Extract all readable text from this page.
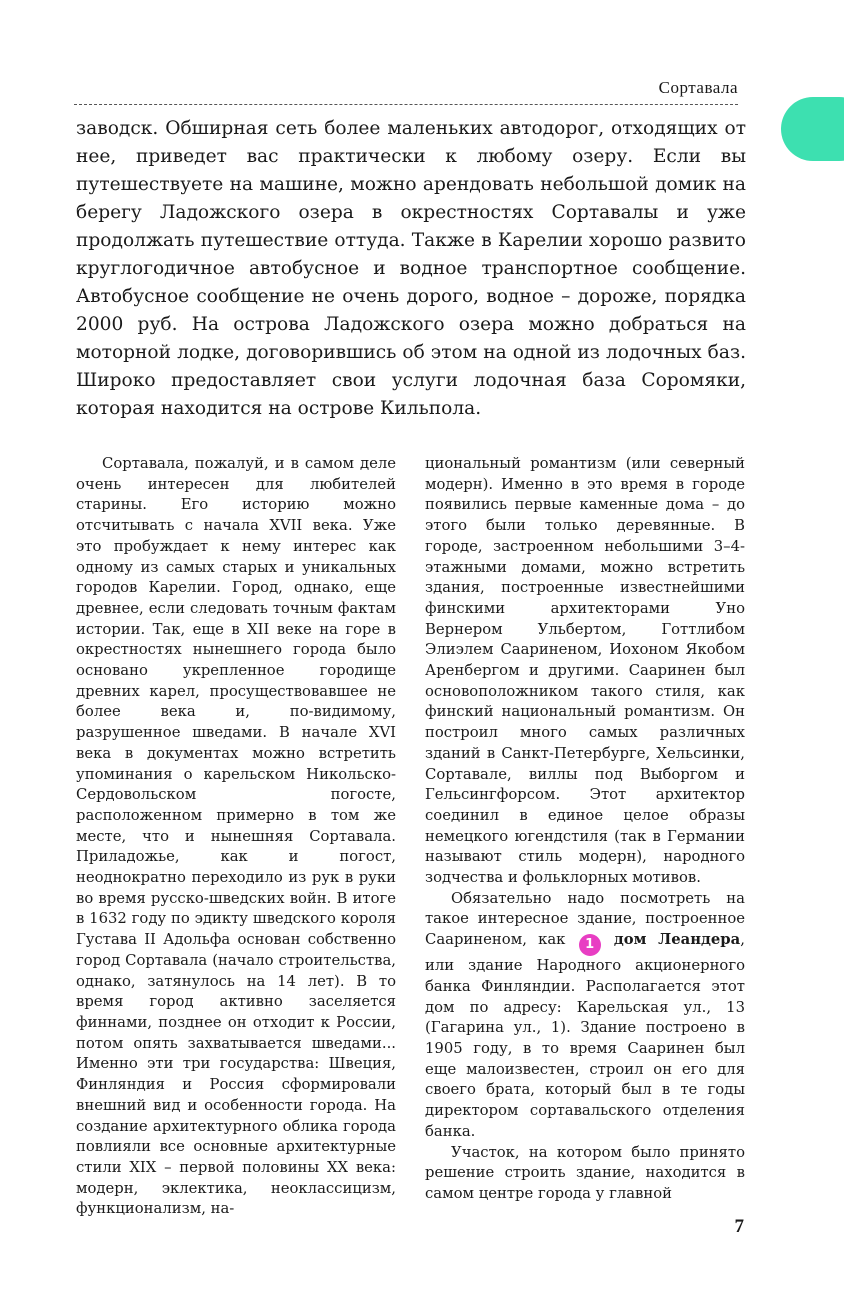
Сортавала

заводск. Обширная сеть более маленьких автодорог, отходящих от нее, приведет вас практически к любому озеру. Если вы путешествуете на машине, можно арендовать небольшой домик на берегу Ладожского озера в окрестностях Сортавалы и уже продолжать путешествие оттуда. Также в Карелии хорошо развито круглогодичное автобусное и водное транспортное сообщение. Автобусное сообщение не очень дорого, водное – дороже, порядка 2000 руб. На острова Ладожского озера можно добраться на моторной лодке, договорившись об этом на одной из лодочных баз. Широко предоставляет свои услуги лодочная база Соромяки, которая находится на острове Кильпола.

Сортавала, пожалуй, и в самом деле очень интересен для любителей старины. Его историю можно отсчитывать с начала XVII века. Уже это пробуждает к нему интерес как одному из самых старых и уникальных городов Карелии. Город, однако, еще древнее, если следовать точным фактам истории. Так, еще в XII веке на горе в окрестностях нынешнего города было основано укрепленное городище древних карел, просуществовавшее не более века и, по-видимому, разрушенное шведами. В начале XVI века в документах можно встретить упоминания о карельском Никольско-Сердовольском погосте, расположенном примерно в том же месте, что и нынешняя Сортавала. Приладожье, как и погост, неоднократно переходило из рук в руки во время русско-шведских войн. В итоге в 1632 году по эдикту шведского короля Густава II Адольфа основан собственно город Сортавала (начало строительства, однако, затянулось на 14 лет). В то время город активно заселяется финнами, позднее он отходит к России, потом опять захватывается шведами... Именно эти три государства: Швеция, Финляндия и Россия сформировали внешний вид и особенности города. На создание архитектурного облика города повлияли все основные архитектурные стили XIX – первой половины XX века: модерн, эклектика, неоклассицизм, функционализм, на-

циональный романтизм (или северный модерн). Именно в это время в городе появились первые каменные дома – до этого были только деревянные. В городе, застроенном небольшими 3–4-этажными домами, можно встретить здания, построенные известнейшими финскими архитекторами Уно Вернером Ульбертом, Готтлибом Элиэлем Саариненом, Иохоном Якобом Аренбергом и другими. Сааринен был основоположником такого стиля, как финский национальный романтизм. Он построил много самых различных зданий в Санкт-Петербурге, Хельсинки, Сортавале, виллы под Выборгом и Гельсингфорсом. Этот архитектор соединил в единое целое образы немецкого югендстиля (так в Германии называют стиль модерн), народного зодчества и фольклорных мотивов.

Обязательно надо посмотреть на такое интересное здание, построенное Саариненом, как 1 дом Леандера, или здание Народного акционерного банка Финляндии. Располагается этот дом по адресу: Карельская ул., 13 (Гагарина ул., 1). Здание построено в 1905 году, в то время Сааринен был еще малоизвестен, строил он его для своего брата, который был в те годы директором сортавальского отделения банка.

Участок, на котором было принято решение строить здание, находится в самом центре города у главной

7
